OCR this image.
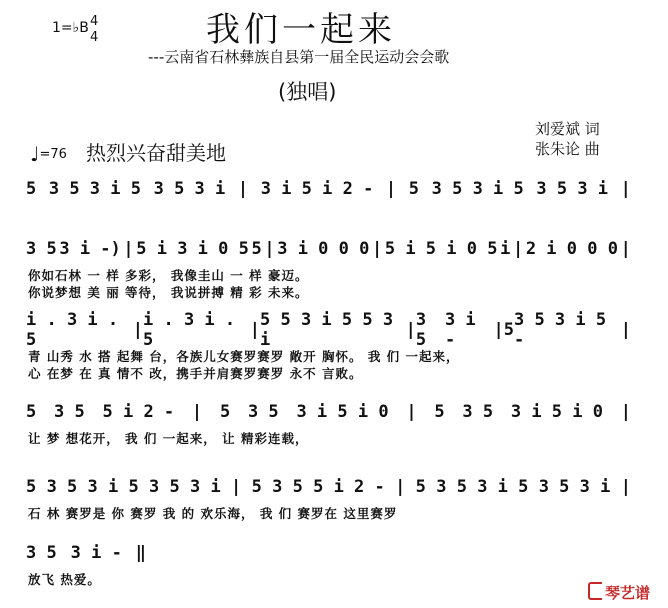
我们一起来
1=♭B 4
4
---云南省石林彝族自县第一届全民运动会会歌
(独唱)
刘爱斌 词
张朱论 曲
♩=76 热烈兴奋甜美地
5 3 5 3 i 5 3 5 3 i | 3 i 5 i 2 - | 5 3 5 3 i 5 3 5 3 i |
3 5 3 i -) | 5 i 3 i 0 5 5 | 3 i 0 0 0 | 5 i 5 i 0 5 i | 2 i 0 0 0 |
你如石林 一 样 多彩， 我像圭山 一 样 豪迈。
你说梦想 美 丽 等待， 我说拼搏 精 彩 未来。
i . 3 i . 5	| i . 3 i . 5	| 5 5 3 i 5 5 3 i	| 3 5
3 i -	| 5 3 5 3 i 5 -	|
青 山秀 水 搭 起舞 台，各族儿女赛罗赛罗 敞开 胸怀。 我 们 一起来，
心 在梦 在 真 情不 改，携手并肩赛罗赛罗 永不 言败。
5 3 5 5 i 2 - | 5 3 5 3 i 5 i 0 | 5 3 5 3 i 5 i 0 |
让 梦 想花开， 我 们 一起来， 让 精彩连载，
5 3 5 3 i 5 3 5 3 i | 5 3 5 5 i 2 - | 5 3 5 3 i 5 3 5 3 i |
石 林 赛罗是 你 赛罗 我 的 欢乐海， 我 们 赛罗在 这里赛罗
3 5 3 i - ‖
放飞 热爱。
琴艺谱
